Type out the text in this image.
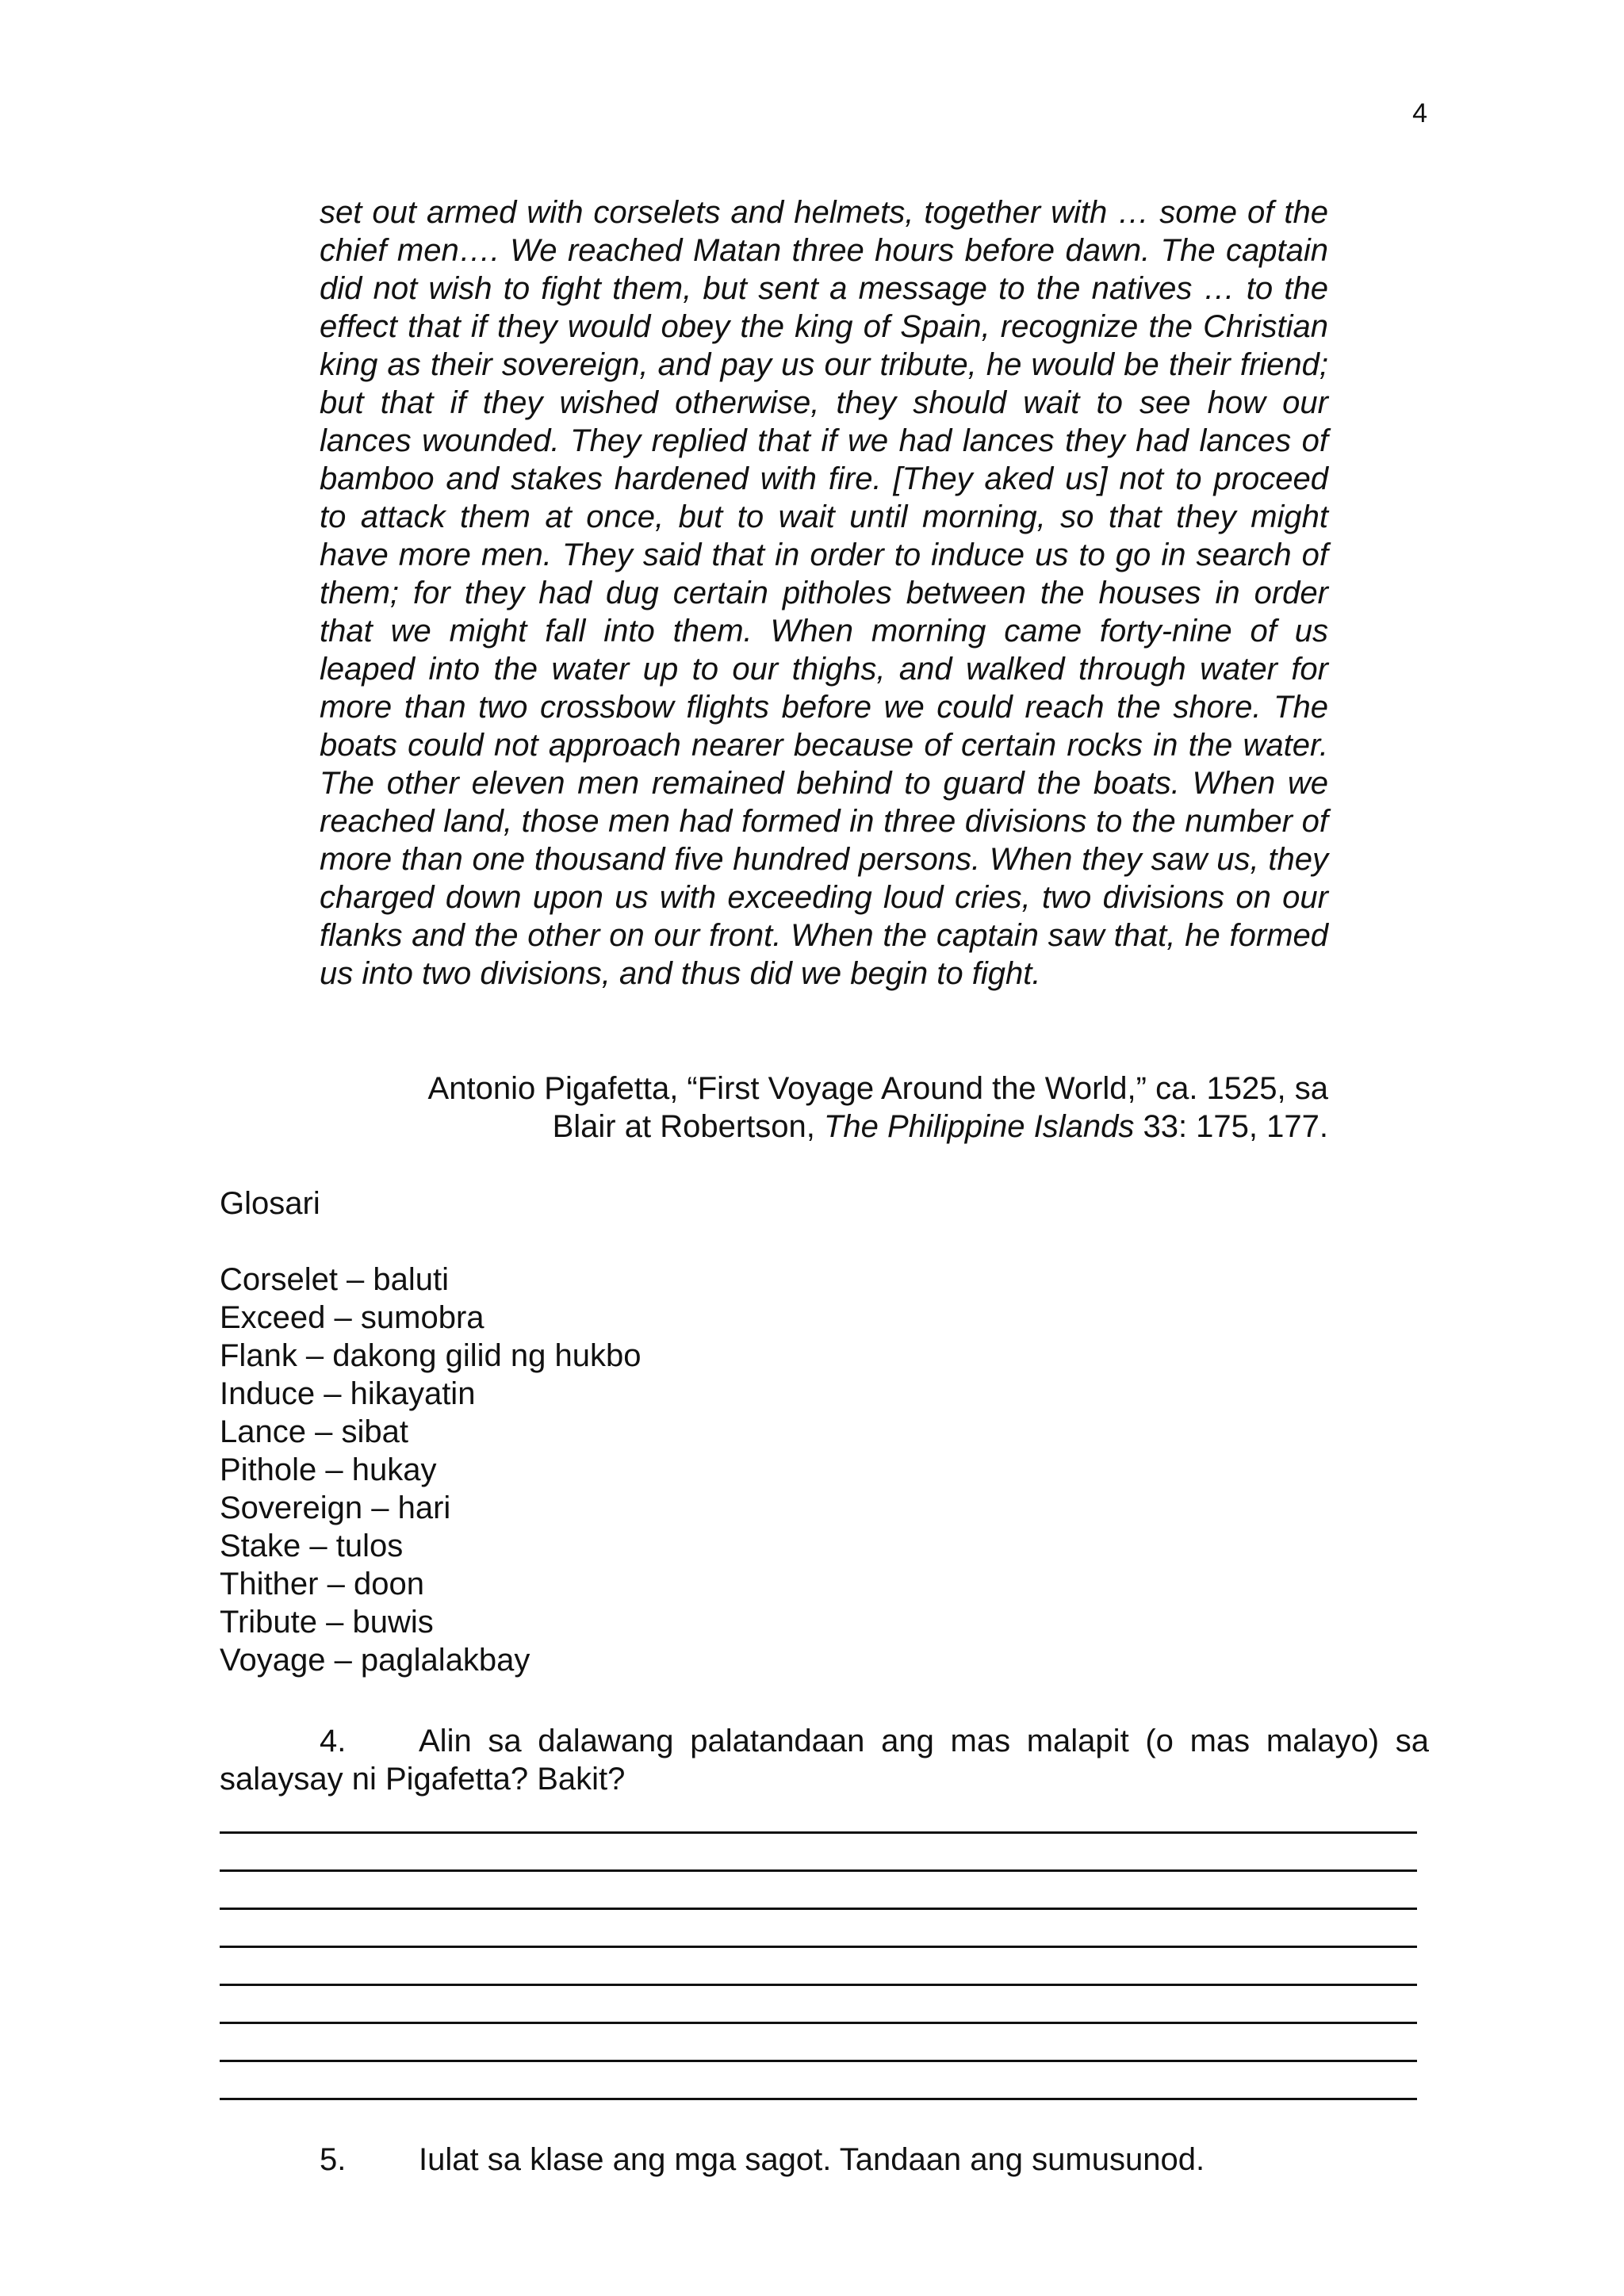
4

set out armed with corselets and helmets, together with … some of the chief men…. We reached Matan three hours before dawn. The captain did not wish to fight them, but sent a message to the natives … to the effect that if they would obey the king of Spain, recognize the Christian king as their sovereign, and pay us our tribute, he would be their friend; but that if they wished otherwise, they should wait to see how our lances wounded. They replied that if we had lances they had lances of bamboo and stakes hardened with fire. [They aked us] not to proceed to attack them at once, but to wait until morning, so that they might have more men. They said that in order to induce us to go in search of them; for they had dug certain pitholes between the houses in order that we might fall into them. When morning came forty-nine of us leaped into the water up to our thighs, and walked through water for more than two crossbow flights before we could reach the shore. The boats could not approach nearer because of certain rocks in the water. The other eleven men remained behind to guard the boats. When we reached land, those men had formed in three divisions to the number of more than one thousand five hundred persons. When they saw us, they charged down upon us with exceeding loud cries, two divisions on our flanks and the other on our front. When the captain saw that, he formed us into two divisions, and thus did we begin to fight.

Antonio Pigafetta, “First Voyage Around the World,” ca. 1525, sa
Blair at Robertson, The Philippine Islands 33: 175, 177.
Glosari
Corselet – baluti
Exceed – sumobra
Flank – dakong gilid ng hukbo
Induce – hikayatin
Lance – sibat
Pithole – hukay
Sovereign – hari
Stake – tulos
Thither – doon
Tribute – buwis
Voyage – paglalakbay
4. Alin sa dalawang palatandaan ang mas malapit (o mas malayo) sa salaysay ni Pigafetta? Bakit?
5. Iulat sa klase ang mga sagot. Tandaan ang sumusunod.
